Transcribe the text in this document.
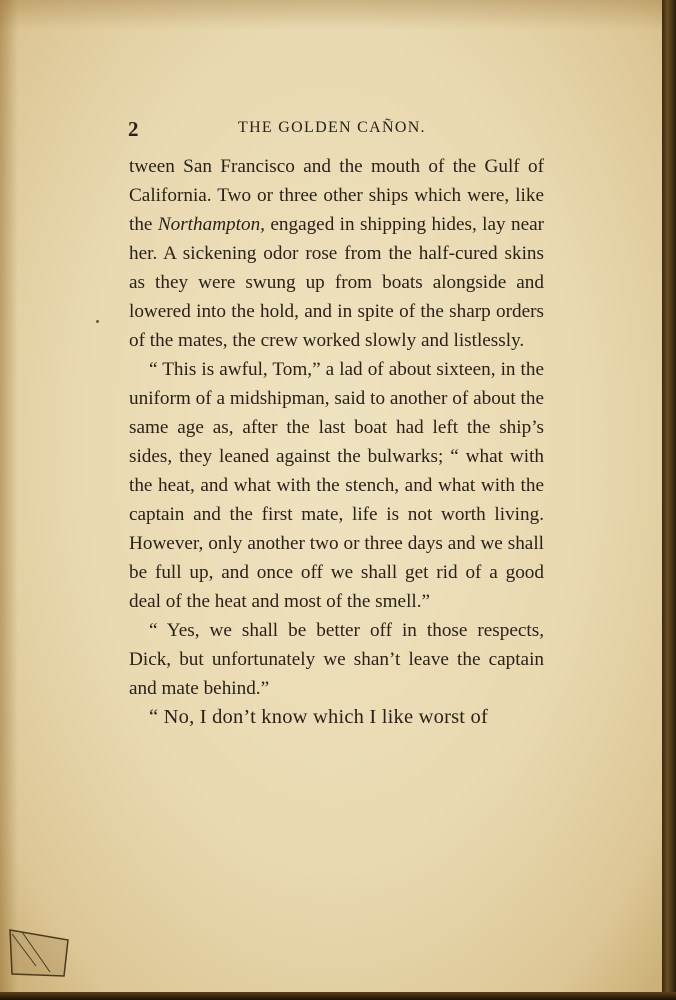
2	THE GOLDEN CAÑON.

tween San Francisco and the mouth of the Gulf of California. Two or three other ships which were, like the Northampton, engaged in shipping hides, lay near her. A sickening odor rose from the half-cured skins as they were swung up from boats alongside and lowered into the hold, and in spite of the sharp orders of the mates, the crew worked slowly and listlessly.

“ This is awful, Tom,” a lad of about sixteen, in the uniform of a midshipman, said to another of about the same age as, after the last boat had left the ship’s sides, they leaned against the bulwarks; “ what with the heat, and what with the stench, and what with the captain and the first mate, life is not worth living. However, only another two or three days and we shall be full up, and once off we shall get rid of a good deal of the heat and most of the smell.”

“ Yes, we shall be better off in those respects, Dick, but unfortunately we shan’t leave the captain and mate behind.”

“ No, I don’t know which I like worst of
